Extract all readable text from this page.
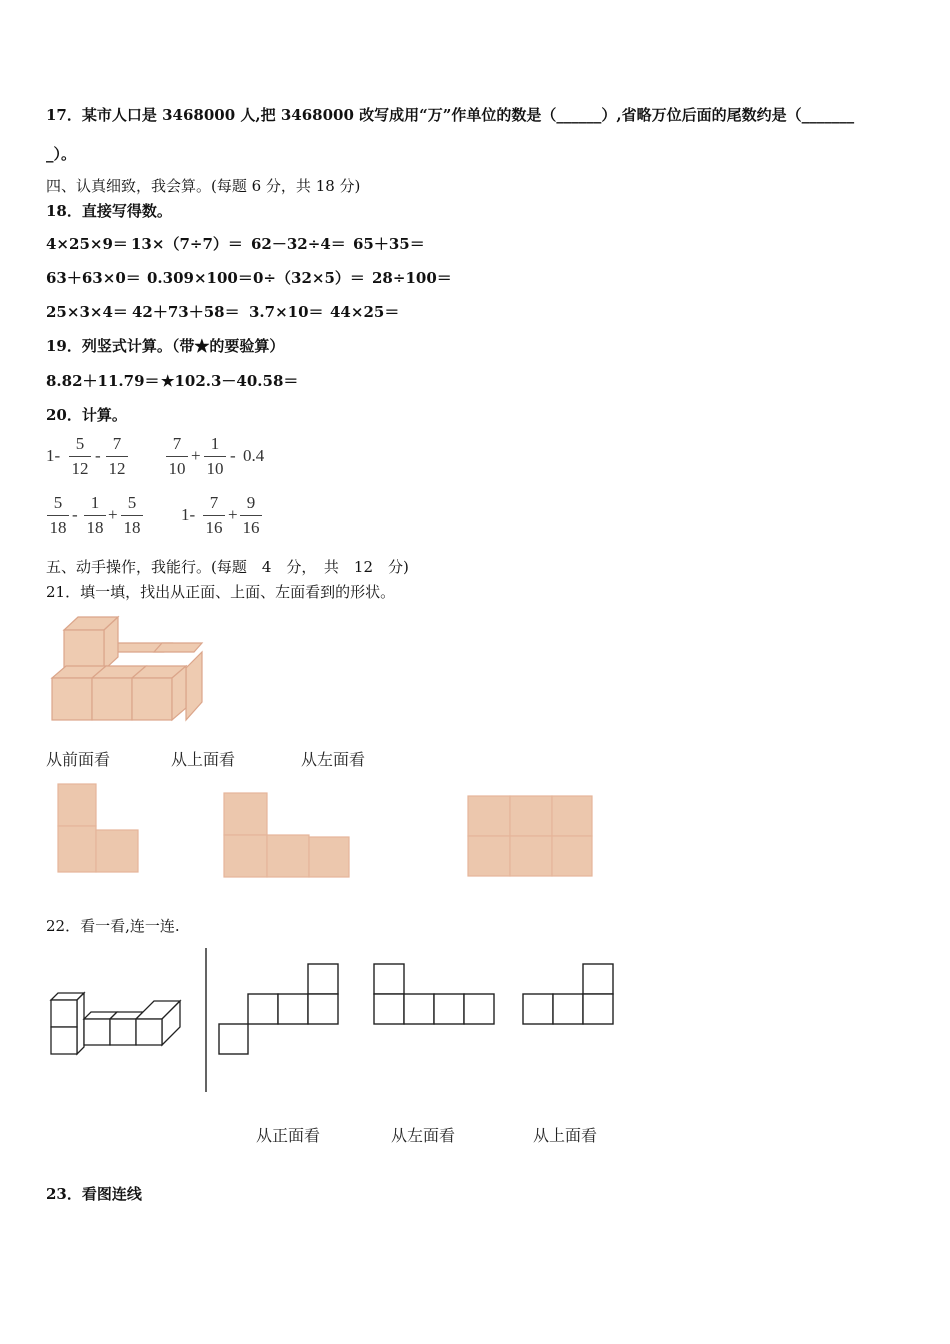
17．某市人口是 3468000 人,把 3468000 改写成用“万”作单位的数是（______）,省略万位后面的尾数约是（_______
_）。
四、认真细致，我会算。(每题 6 分，共 18 分)
18．直接写得数。
4×25×9＝ 13×（7÷7）＝ 62－32÷4＝ 65＋35＝
63＋63×0＝ 0.309×100＝ 0÷（32×5）＝ 28÷100＝
25×3×4＝ 42＋73＋58＝ 3.7×10＝ 44×25＝
19．列竖式计算。（带★的要验算）
8.82＋11.79＝ ★102.3－40.58＝
20．计算。
1-
5
12
-
7
12
7
10
+
1
10
- 0.4
5
18
-
1
18
+
5
18
1-
7
16
+
9
16
五、动手操作，我能行。(每题　4　分，　共　12　分)
21．填一填，找出从正面、上面、左面看到的形状。
从前面看	从上面看	从左面看
22．看一看,连一连.
从正面看	从左面看	从上面看
23．看图连线
